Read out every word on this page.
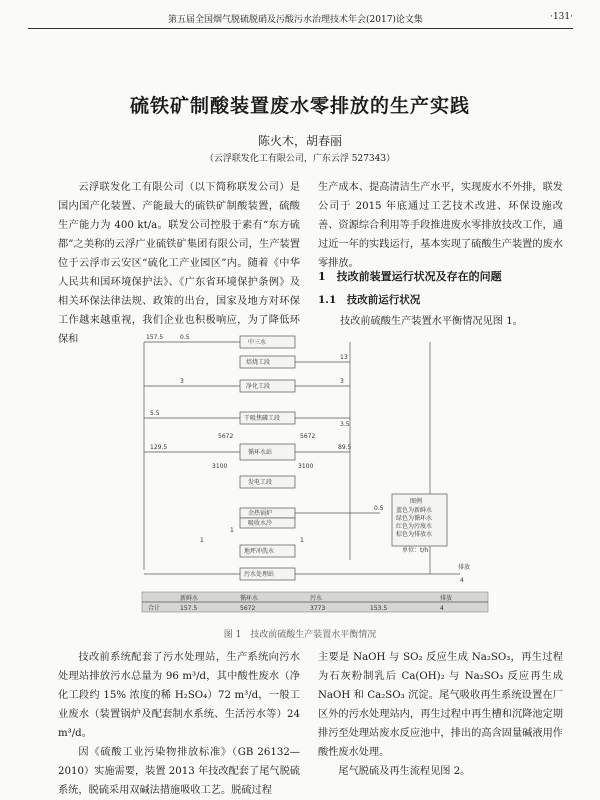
第五届全国烟气脱硫脱硝及污酸污水治理技术年会(2017)论文集	·131·
硫铁矿制酸装置废水零排放的生产实践
陈火木，胡春丽
（云浮联发化工有限公司，广东云浮 527343）

云浮联发化工有限公司（以下简称联发公司）是国内国产化装置、产能最大的硫铁矿制酸装置，硫酸生产能力为 400 kt/a。联发公司控股于素有“东方硫都”之美称的云浮广业硫铁矿集团有限公司，生产装置位于云浮市云安区“硫化工产业园区”内。随着《中华人民共和国环境保护法》、《广东省环境保护条例》及相关环保法律法规、政策的出台，国家及地方对环保工作越来越重视，我们企业也积极响应，为了降低环保和

生产成本、提高清洁生产水平，实现废水不外排，联发公司于 2015 年底通过工艺技术改进、环保设施改善、资源综合利用等手段推进废水零排放技改工作，通过近一年的实践运行，基本实现了硫酸生产装置的废水零排放。

1　技改前装置运行状况及存在的问题
1.1　技改前运行状况
技改前硫酸生产装置水平衡情况见图 1。
157.5	0.5
中三水
焙烧工段
13
净化工段
3	3
干吸焦磷工段
5.5
3.5
5672	5672
循环水站
129.5	89.5
3100	3100
发电工段
余热锅炉
吸收水冷
0.5
地坪冲洗水
1
1
1
污水处理站
排放
4
图例
蓝色为新鲜水
绿色为循环水
红色为污废水
棕色为排放水
单位：t/h
新鲜水	循环水	污水	排放
合计	157.5	5672	3773	153.5	4
图 1　技改前硫酸生产装置水平衡情况

技改前系统配套了污水处理站，生产系统向污水处理站排放污水总量为 96 m³/d，其中酸性废水（净化工段约 15% 浓度的稀 H₂SO₄）72 m³/d，一般工业废水（装置锅炉及配套制水系统、生活污水等）24 m³/d。

因《硫酸工业污染物排放标准》（GB 26132—2010）实施需要，装置 2013 年技改配套了尾气脱硫系统，脱硫采用双碱法措施吸收工艺。脱硫过程

主要是 NaOH 与 SO₂ 反应生成 Na₂SO₃，再生过程为石灰粉制乳后 Ca(OH)₂ 与 Na₂SO₃ 反应再生成 NaOH 和 Ca₂SO₃ 沉淀。尾气吸收再生系统设置在厂区外的污水处理站内，再生过程中再生槽和沉降池定期排污至处理站废水反应池中，排出的高含固量碱液用作酸性废水处理。

尾气脱硫及再生流程见图 2。
